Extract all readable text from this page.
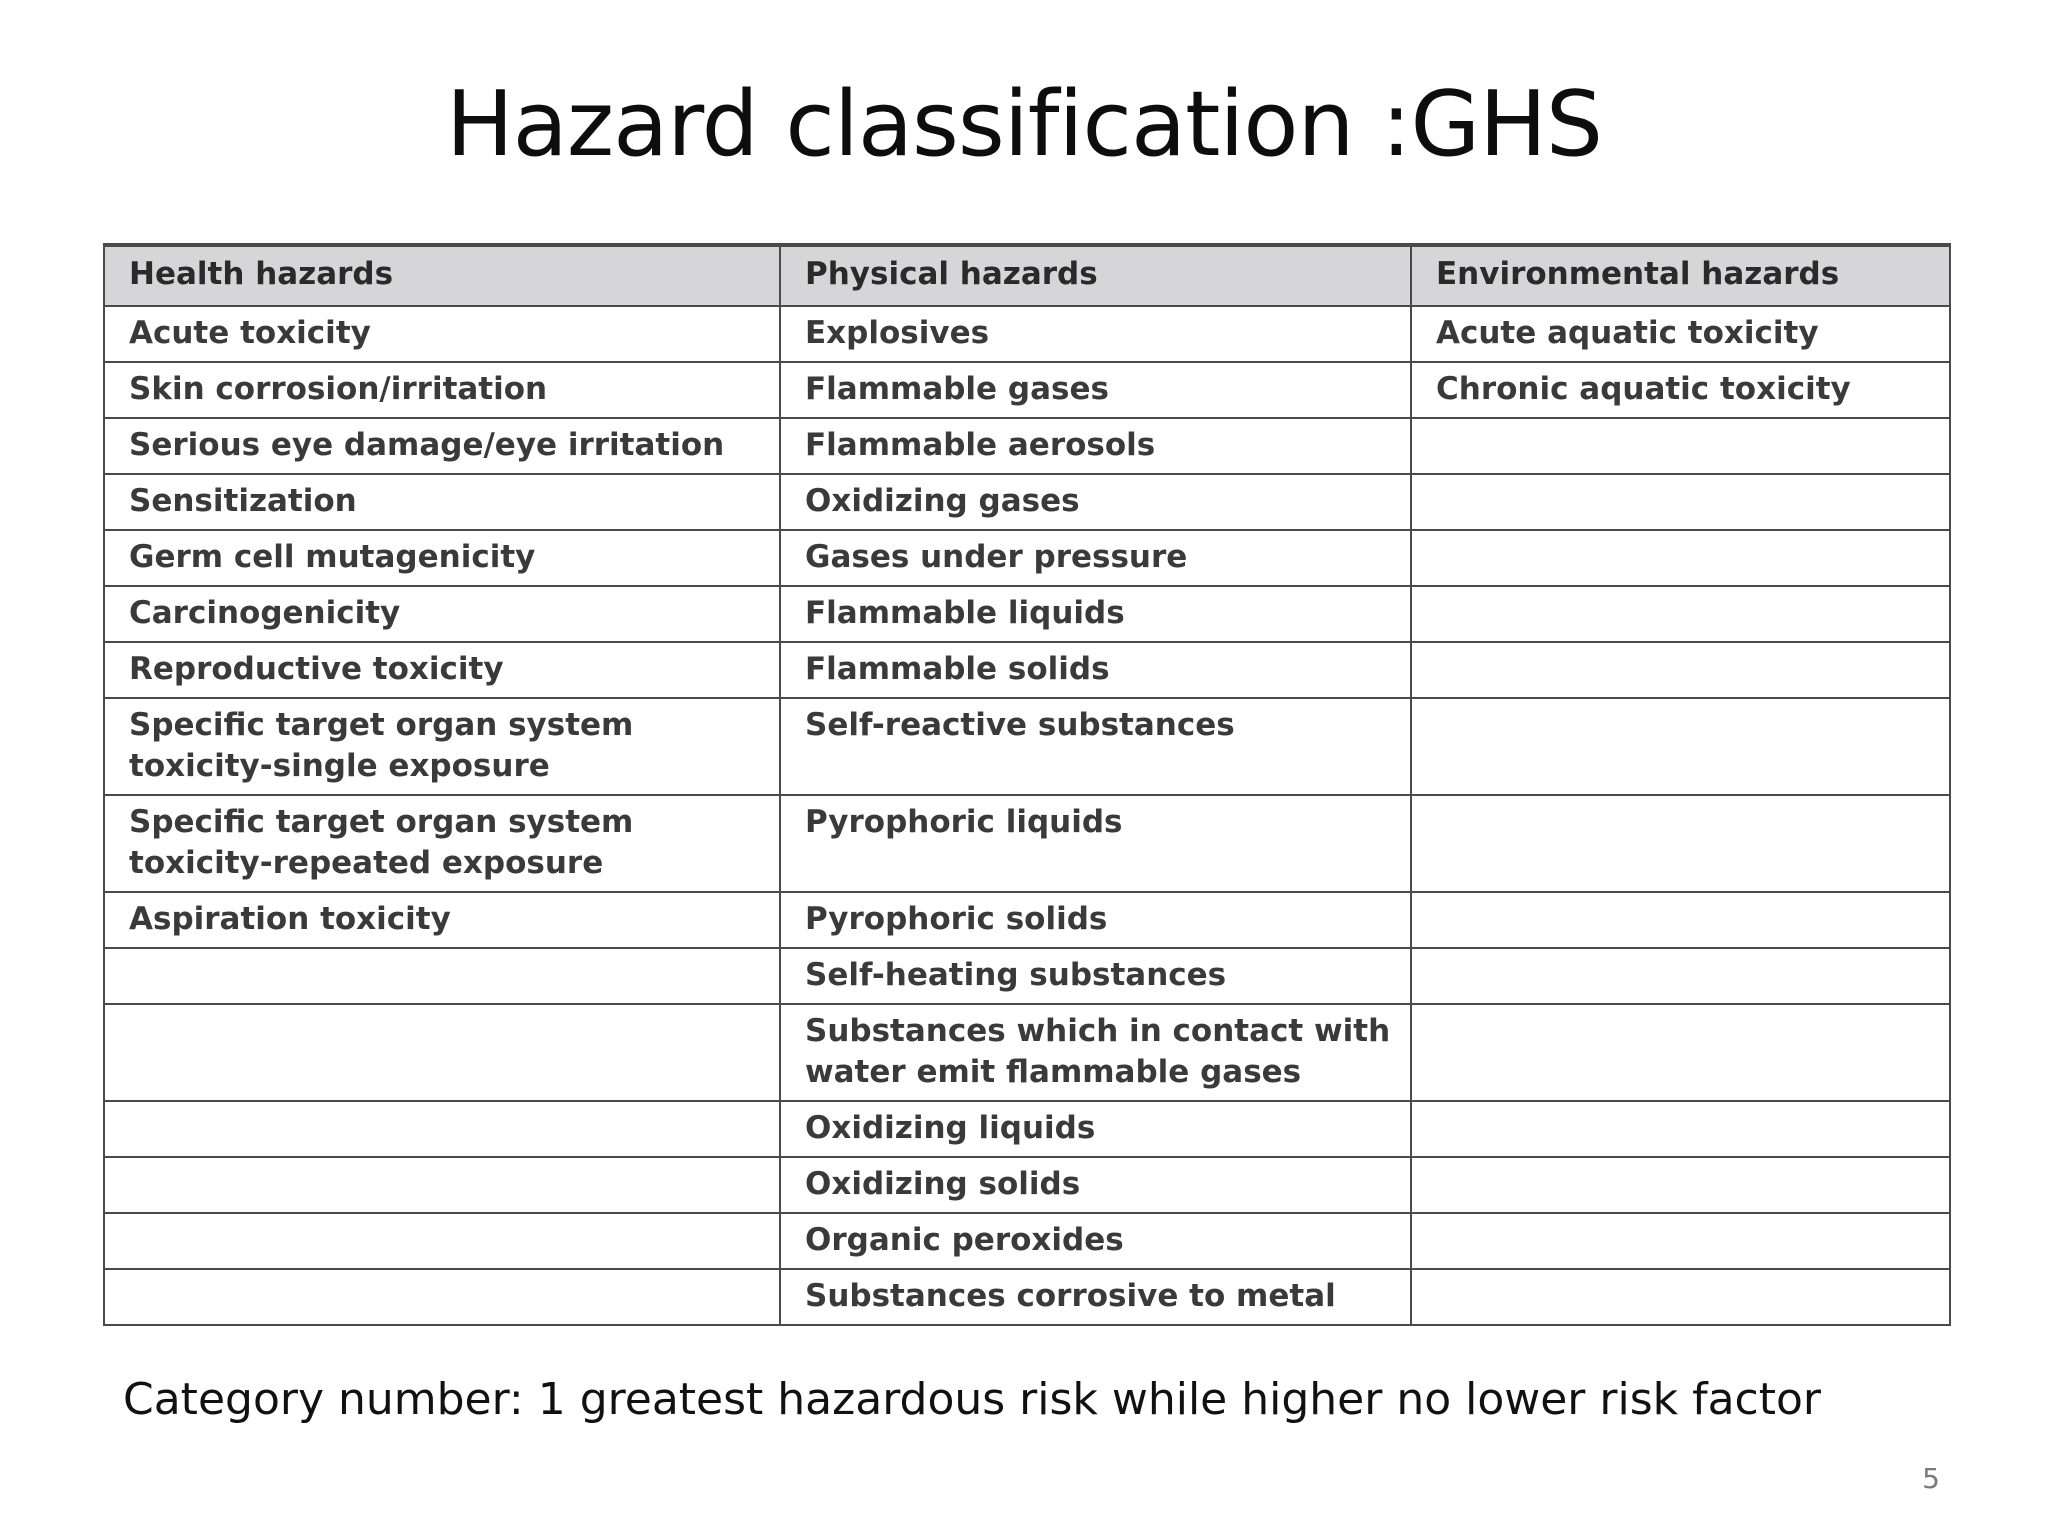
Hazard classification :GHS
Health hazards	Physical hazards	Environmental hazards
Acute toxicity	Explosives	Acute aquatic toxicity
Skin corrosion/irritation	Flammable gases	Chronic aquatic toxicity
Serious eye damage/eye irritation	Flammable aerosols	
Sensitization	Oxidizing gases	
Germ cell mutagenicity	Gases under pressure	
Carcinogenicity	Flammable liquids	
Reproductive toxicity	Flammable solids	
Specific target organ system toxicity-single exposure	Self-reactive substances	
Specific target organ system toxicity-repeated exposure	Pyrophoric liquids	
Aspiration toxicity	Pyrophoric solids	
	Self-heating substances	
	Substances which in contact with water emit flammable gases	
	Oxidizing liquids	
	Oxidizing solids	
	Organic peroxides	
	Substances corrosive to metal	
Category number: 1 greatest hazardous risk while higher no lower risk factor
5
